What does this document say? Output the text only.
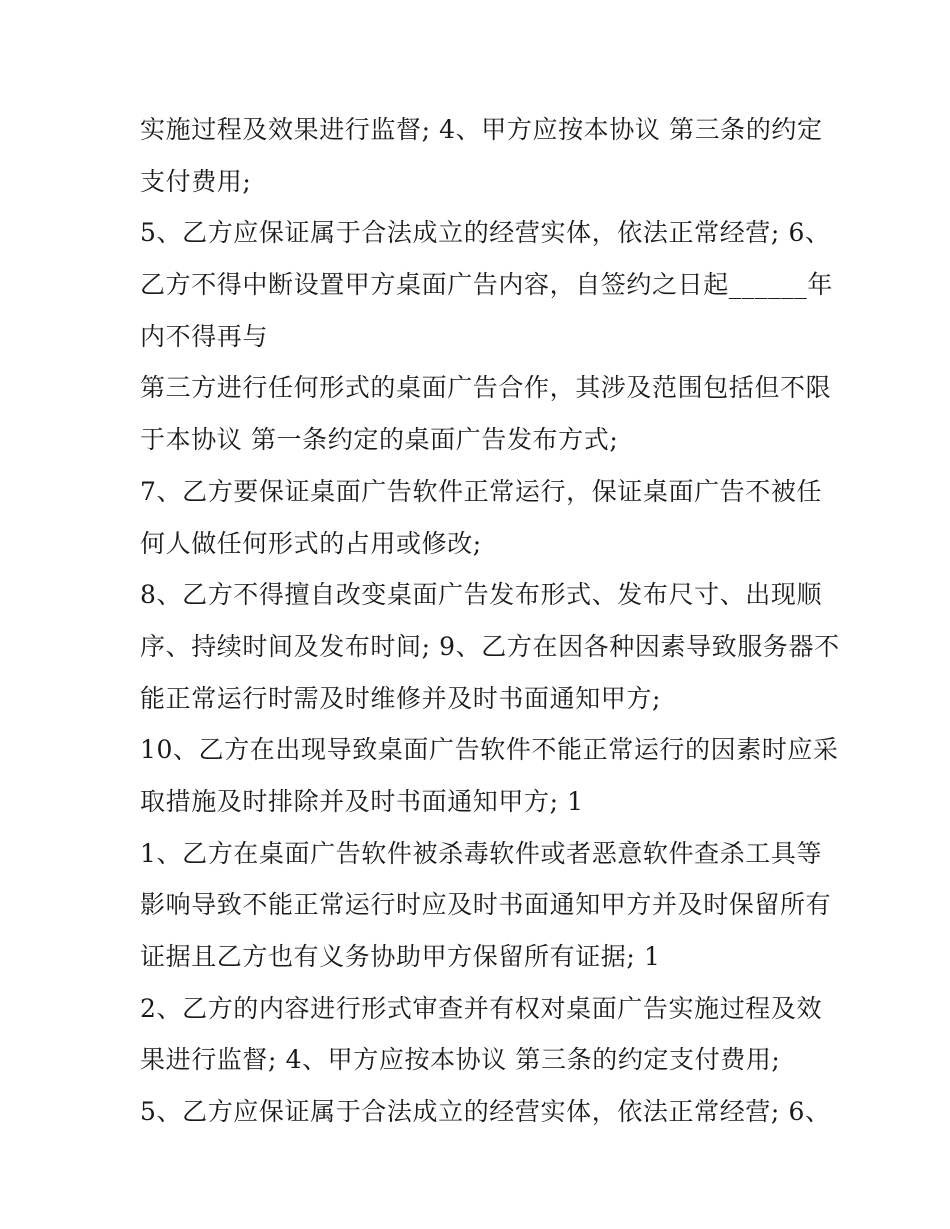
实施过程及效果进行监督; 4、甲方应按本协议 第三条的约定
支付费用;
5、乙方应保证属于合法成立的经营实体，依法正常经营; 6、
乙方不得中断设置甲方桌面广告内容，自签约之日起______年
内不得再与
第三方进行任何形式的桌面广告合作，其涉及范围包括但不限
于本协议 第一条约定的桌面广告发布方式;
7、乙方要保证桌面广告软件正常运行，保证桌面广告不被任
何人做任何形式的占用或修改;
8、乙方不得擅自改变桌面广告发布形式、发布尺寸、出现顺
序、持续时间及发布时间; 9、乙方在因各种因素导致服务器不
能正常运行时需及时维修并及时书面通知甲方;
10、乙方在出现导致桌面广告软件不能正常运行的因素时应采
取措施及时排除并及时书面通知甲方; 1
1、乙方在桌面广告软件被杀毒软件或者恶意软件查杀工具等
影响导致不能正常运行时应及时书面通知甲方并及时保留所有
证据且乙方也有义务协助甲方保留所有证据; 1
2、乙方的内容进行形式审查并有权对桌面广告实施过程及效
果进行监督; 4、甲方应按本协议 第三条的约定支付费用;
5、乙方应保证属于合法成立的经营实体，依法正常经营; 6、
